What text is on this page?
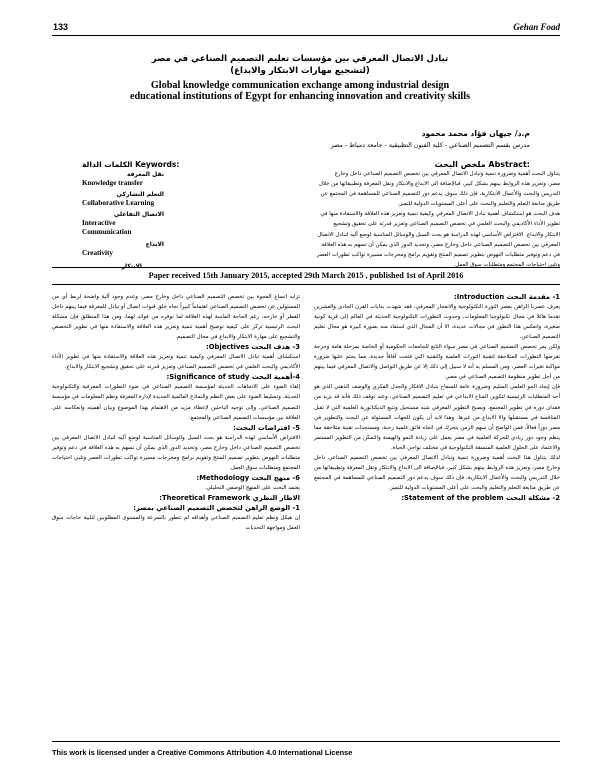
133	Gehan Foad
تبادل الاتصال المعرفي بين مؤسسات تعليم التصميم الصناعي في مصر
(لتشجيع مهارات الابتكار والابداع)
Global knowledge communication exchange among industrial design
educational institutions of Egypt for enhancing innovation and creativity skills
م.د/ جيهان فؤاد محمد محمود
مدرس بقسم التصميم الصناعي - كلية الفنون التطبيقية - جامعة دمياط - مصر
ملخص البحث Abstract:
يتناول البحث أهمية وضرورة تنمية وتبادل الاتصال المعرفي بين تخصص التصميم الصناعي داخل وخارج
مصر، وتعزيز هذه الروابط بينهم بشكل كبير، فبالإضافة الى الابداع والابتكار ونقل المعرفة وتطبيقاتها من خلال
التدريس والبحث والأعمال الابتكارية، فإن ذلك سوف يدعم دور التصميم الصناعي للمساهمة في المجتمع عن
طريق متابعة التعلم والتعليم والبحث على أعلى المستويات الدولية للتميز.
هدف البحث هو استكشاف أهمية تبادل الاتصال المعرفي وكيفية تنمية وتعزيز هذه العلاقة والاستفادة منها في
تطوير الأداء الأكاديمي والبحث العلمي في تخصص التصميم الصناعي وتعزيز قدرته على تحقيق وتشجيع
الابتكار والابداع. الافتراض الأساسي لهذه الدراسة هو بحث السبل والوسائل المناسبة لوضع آليه لتبادل الاتصال
المعرفي بين تخصص التصميم الصناعي داخل وخارج مصر، وتحديد الدور الذي يمكن أن تسهم به هذه العلاقة
في دعم وتوفير متطلبات النهوض بتطوير تصميم المنتج وتقويم برامج ومخرجات مسيرة تواكب تطورات العصر
وتلبي احتياجات المجتمع ومتطلبات سوق العمل.
الكلمات الدالة Keywords:
نقل المعرفة
Knowledge transfer
التعلم التشاركي
Collaborative Learning
الاتصال التفاعلي
Interactive Communication
الابداع
Creativity
الابتكار
Paper received 15th January 2015, accepted 29th March 2015 , published 1st of April 2016
1- مقدمة البحث Introduction:
يعرف عصرنا الراهن بعصر الثورة التكنولوجية والانفجار المعرفي، فقد شهدت بدايات القرن الحادي والعشرين تقدما هائلا في مجال تكنولوجيا المعلومات، وحدوث التطورات التكنولوجية الحديثة في العالم إلى قرية كونية صغيرة، وانعكس هذا التطور في مجالات عديدة، الا أن المجال الذي استفاد منه بصورة كبيرة هو مجال تعليم التصميم الصناعي.
ولكن يمر تخصص التصميم الصناعي في مصر سواء التابع للجامعات الحكومية أو الخاصة بمرحلة هامة وحرجة تفرضها التطورات المتلاحقة لتقنية الثورات العلمية والتقنية التي فتحت آفاقاً جديدة، مما يحتم عليها ضرورة مواكبة تغيرات العصر، ومن المسلم به أنه لا سبيل إلى ذلك إلا عن طريق التواصل والاتصال المعرفي فيما بينهم من أجل تطوير منظومة التصميم الصناعي في مصر.
فإن إيجاد الجو العلمي السليم وضرورة عامة للسماح بتبادل الافكار والجدل الفكري والوصف الذهني الذي هو أحد المتطلبات الرئيسية لتكوين المناخ الابداعي في تعليم التصميم الصناعي، وعند توقف ذلك فأنه قد يزيد من فقدان دوره في تطوير المجتمع، ويصبح التطوير المعرفي شبه مستحيل وتتبع الديكتاتورية العلمية التي لا تقبل المنافسة في مستقبلها والا الابداع من غيرها. وهذا لابد أن يكون للجهات المسئولة عن البحث والتطوير في مصر دوراً فعالاً، فمن الواضح أن سهم الزمن يتحرك في اتجاه فائق علمية رحبة، ومستجدات تقنية متلاحقة مما ينظم وجود دور ريادي للحركة العلمية في مصر يعمل على زيادة النمو والهيمنة والتمكن من التطوير المستمر والاعتماد على الحلول العلمية المتسقة التكنولوجية في مختلف نواحي الحياة.
لذلك يتناول هذا البحث أهمية وضرورة تنمية وتبادل الاتصال المعرفي بين تخصص التصميم الصناعي داخل وخارج مصر، وتعزيز هذه الروابط بينهم بشكل كبير، فبالإضافة الى الابداع والابتكار ونقل المعرفة وتطبيقاتها من خلال التدريس والبحث والأعمال الابتكارية، فإن ذلك سوف يدعم دور التصميم الصناعي للمساهمة في المجتمع عن طريق متابعة التعلم والتعليم والبحث على أعلى المستويات الدولية للتميز.
2- مشكلة البحث Statement of the problem:
تزايد اتساع الفجوة بين تخصص التصميم الصناعي داخل وخارج مصر، وعدم وجود آلية واضحة لربط أي من المسئولين عن تخصص التصميم الصناعي اهتماماً كبيراً تجاه خلق قنوات اتصال أو تبادل للمعرفة فيما بينهم داخل القطر أو خارجه، رغم الحاجة الماسة لهذه العلاقة لما توفره من فوائد لهما، ومن هذا المنطلق فإن مشكلة البحث الرئيسية تركز على كيفية توضيح أهمية تنمية وتعزيز هذه العلاقة والاستفادة منها في تطوير التخصص والتشجيع على مهارة الابتكار والابداع في مجال التصميم.
3- هدف البحث Objectives:
استكشاف أهمية تبادل الاتصال المعرفي وكيفية تنمية وتعزيز هذه العلاقة والاستفادة منها في تطوير الأداء الأكاديمي والبحث العلمي في تخصص التصميم الصناعي وتعزيز قدرته على تحقيق وتشجيع الابتكار والابداع.
4-أهمية البحث Significance of study:
إلقاء الضوء على الاتجاهات الحديثة لمؤسسة التصميم الصناعي في ضوء التطورات المعرفية والتكنولوجية الحديثة، وتسليط الضوء على بعض النظم والنماذج العالمية الجديدة لإدارة المعرفة ونظم المعلومات في مؤسسة التصميم الصناعي، وإلى توجيه الباحثين لإعطاء مزيد من الاهتمام بهذا الموضوع وبيان أهميته وانعكاسه على العلاقة بين مؤسسات التصميم الصناعي والمجتمع.
5- افتراضات البحث:
الافتراض الأساسي لهذه الدراسة هو بحث السبل والوسائل المناسبة لوضع آليه لتبادل الاتصال المعرفي بين تخصص التصميم الصناعي داخل وخارج مصر، وتحديد الدور الذي يمكن أن تسهم به هذه العلاقة في دعم وتوفير متطلبات النهوض بتطوير تصميم المنتج وتقويم برامج ومخرجات مسيرة تواكب تطورات العصر وتلبي احتياجات المجتمع ومتطلبات سوق العمل.
6- منهج البحث Methodology:
يعتمد البحث على المنهج الوصفي التحليلي.
الاطار النظري Theoretical Framework:
1- الوضع الراهن لتخصص التصميم الصناعي بمصر:
إن هيكل ونظم تعليم التصميم الصناعي وأهدافه لم تتطور بالسرعة والمستوى المطلوبين لتلبية حاجات سوق العمل ومواجهة التحديات
This work is licensed under a Creative Commons Attribution 4.0 International License
